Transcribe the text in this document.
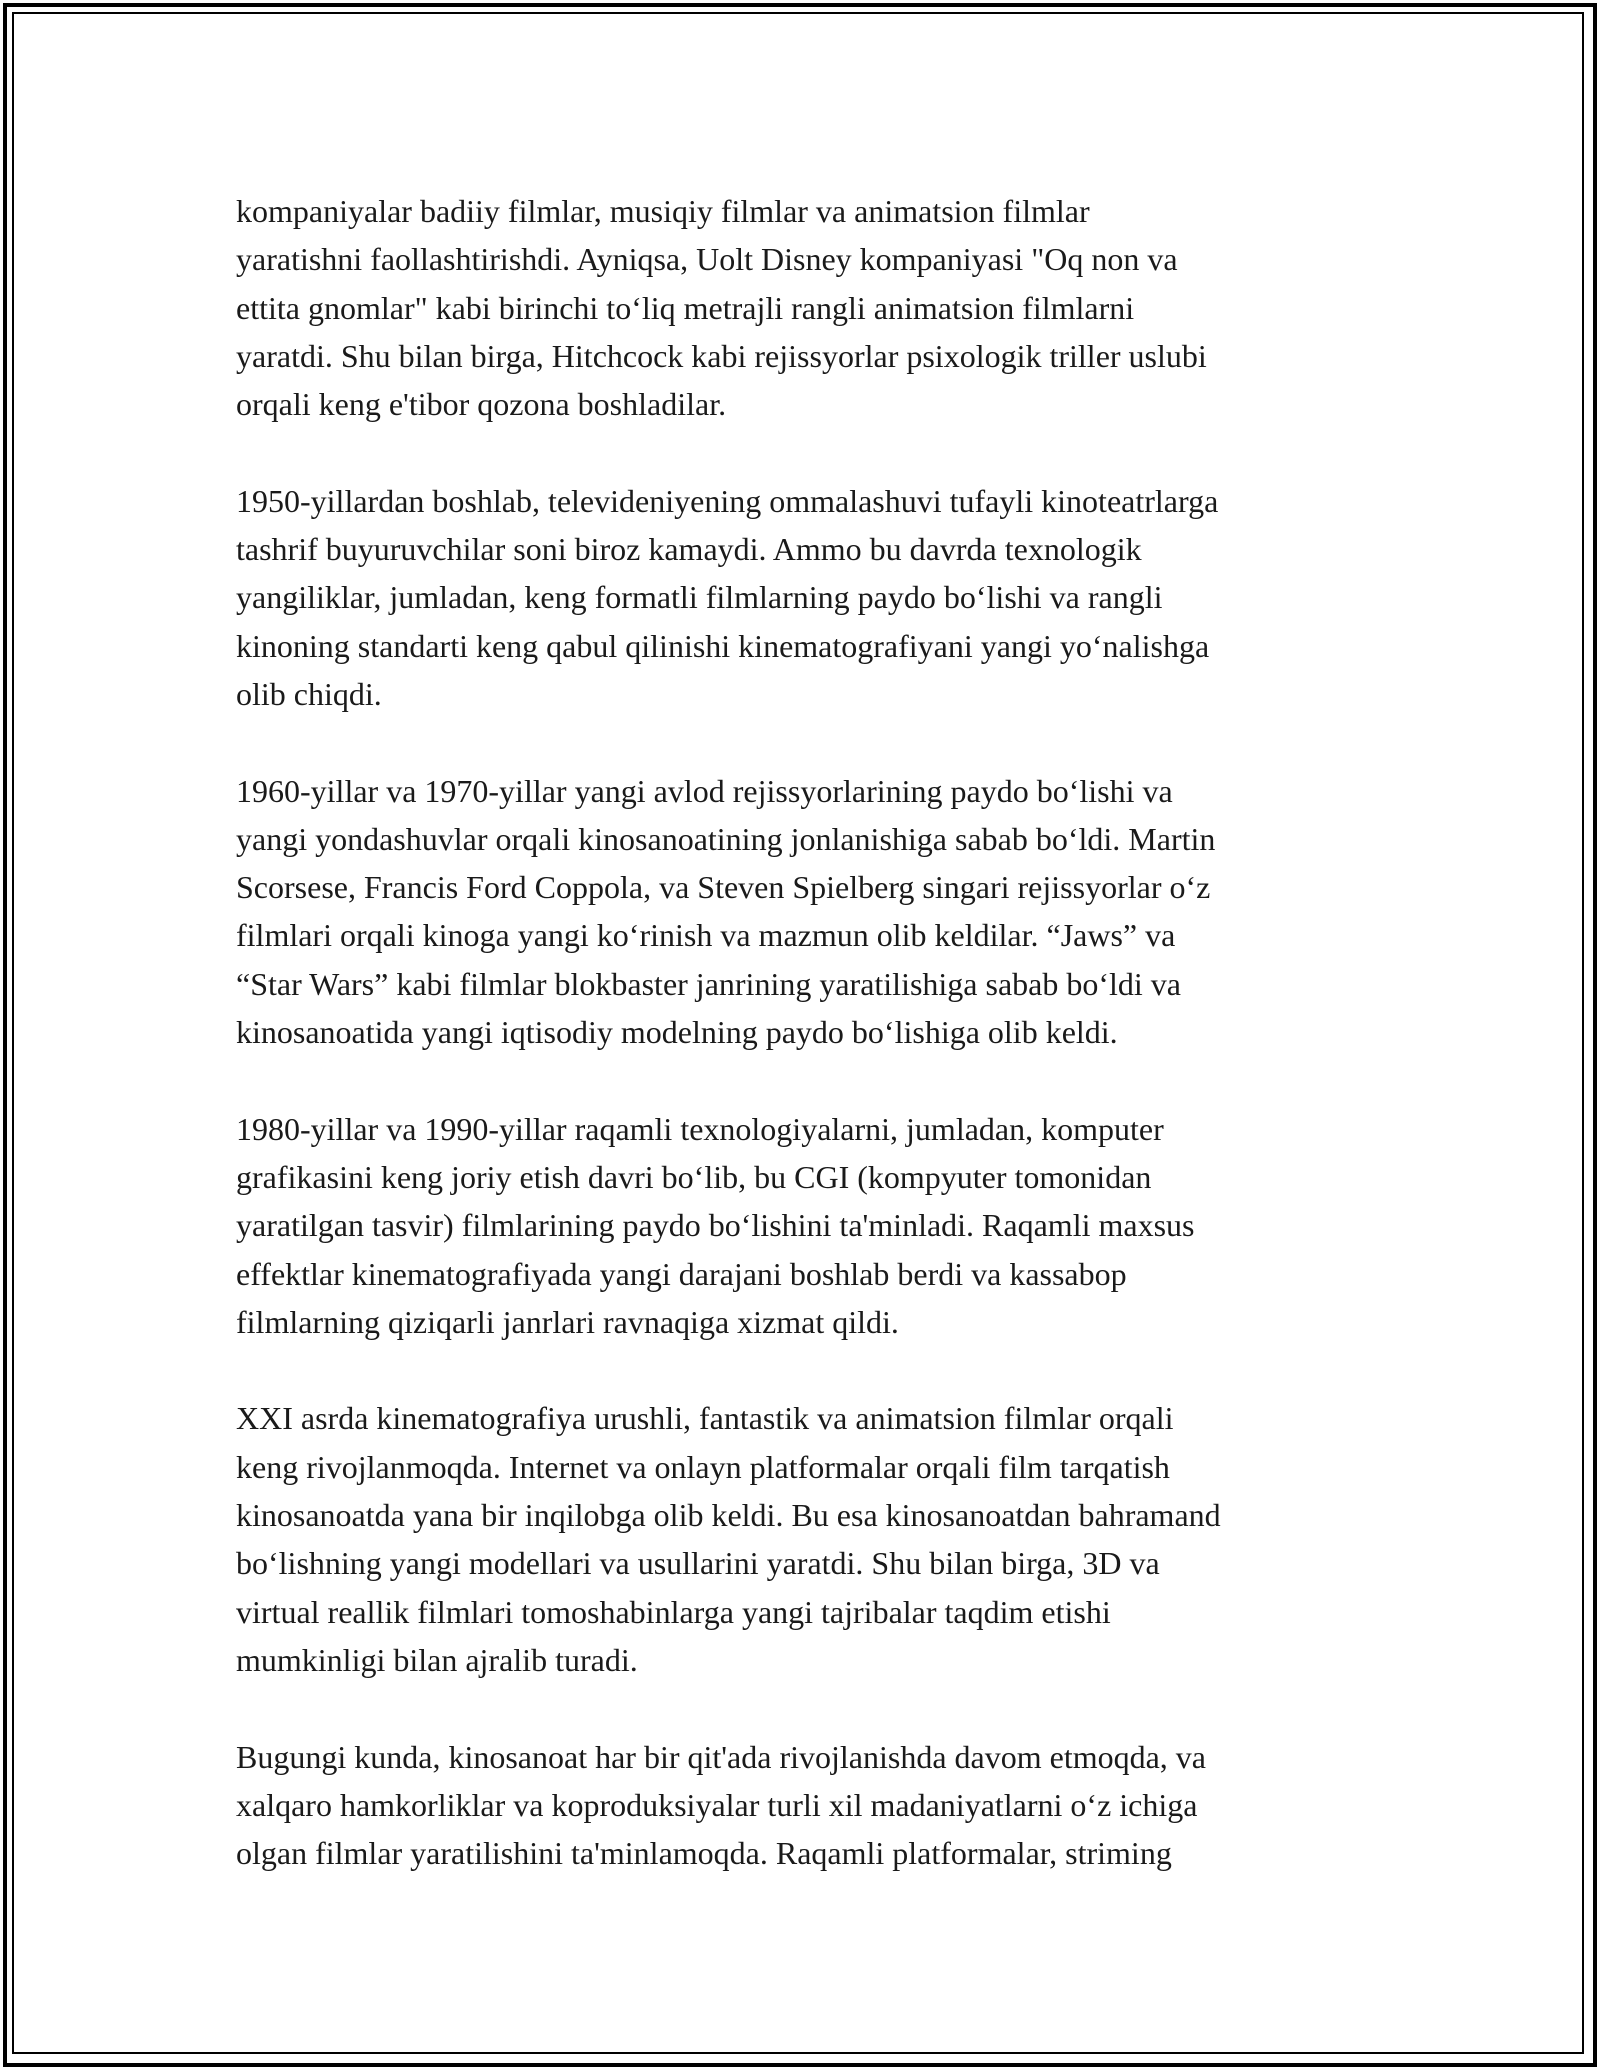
kompaniyalar badiiy filmlar, musiqiy filmlar va animatsion filmlar
yaratishni faollashtirishdi. Ayniqsa, Uolt Disney kompaniyasi "Oq non va
ettita gnomlar" kabi birinchi to‘liq metrajli rangli animatsion filmlarni
yaratdi. Shu bilan birga, Hitchcock kabi rejissyorlar psixologik triller uslubi
orqali keng e'tibor qozona boshladilar.
1950-yillardan boshlab, televideniyening ommalashuvi tufayli kinoteatrlarga
tashrif buyuruvchilar soni biroz kamaydi. Ammo bu davrda texnologik
yangiliklar, jumladan, keng formatli filmlarning paydo bo‘lishi va rangli
kinoning standarti keng qabul qilinishi kinematografiyani yangi yo‘nalishga
olib chiqdi.
1960-yillar va 1970-yillar yangi avlod rejissyorlarining paydo bo‘lishi va
yangi yondashuvlar orqali kinosanoatining jonlanishiga sabab bo‘ldi. Martin
Scorsese, Francis Ford Coppola, va Steven Spielberg singari rejissyorlar o‘z
filmlari orqali kinoga yangi ko‘rinish va mazmun olib keldilar. “Jaws” va
“Star Wars” kabi filmlar blokbaster janrining yaratilishiga sabab bo‘ldi va
kinosanoatida yangi iqtisodiy modelning paydo bo‘lishiga olib keldi.
1980-yillar va 1990-yillar raqamli texnologiyalarni, jumladan, komputer
grafikasini keng joriy etish davri bo‘lib, bu CGI (kompyuter tomonidan
yaratilgan tasvir) filmlarining paydo bo‘lishini ta'minladi. Raqamli maxsus
effektlar kinematografiyada yangi darajani boshlab berdi va kassabop
filmlarning qiziqarli janrlari ravnaqiga xizmat qildi.
XXI asrda kinematografiya urushli, fantastik va animatsion filmlar orqali
keng rivojlanmoqda. Internet va onlayn platformalar orqali film tarqatish
kinosanoatda yana bir inqilobga olib keldi. Bu esa kinosanoatdan bahramand
bo‘lishning yangi modellari va usullarini yaratdi. Shu bilan birga, 3D va
virtual reallik filmlari tomoshabinlarga yangi tajribalar taqdim etishi
mumkinligi bilan ajralib turadi.
Bugungi kunda, kinosanoat har bir qit'ada rivojlanishda davom etmoqda, va
xalqaro hamkorliklar va koproduksiyalar turli xil madaniyatlarni o‘z ichiga
olgan filmlar yaratilishini ta'minlamoqda. Raqamli platformalar, striming
